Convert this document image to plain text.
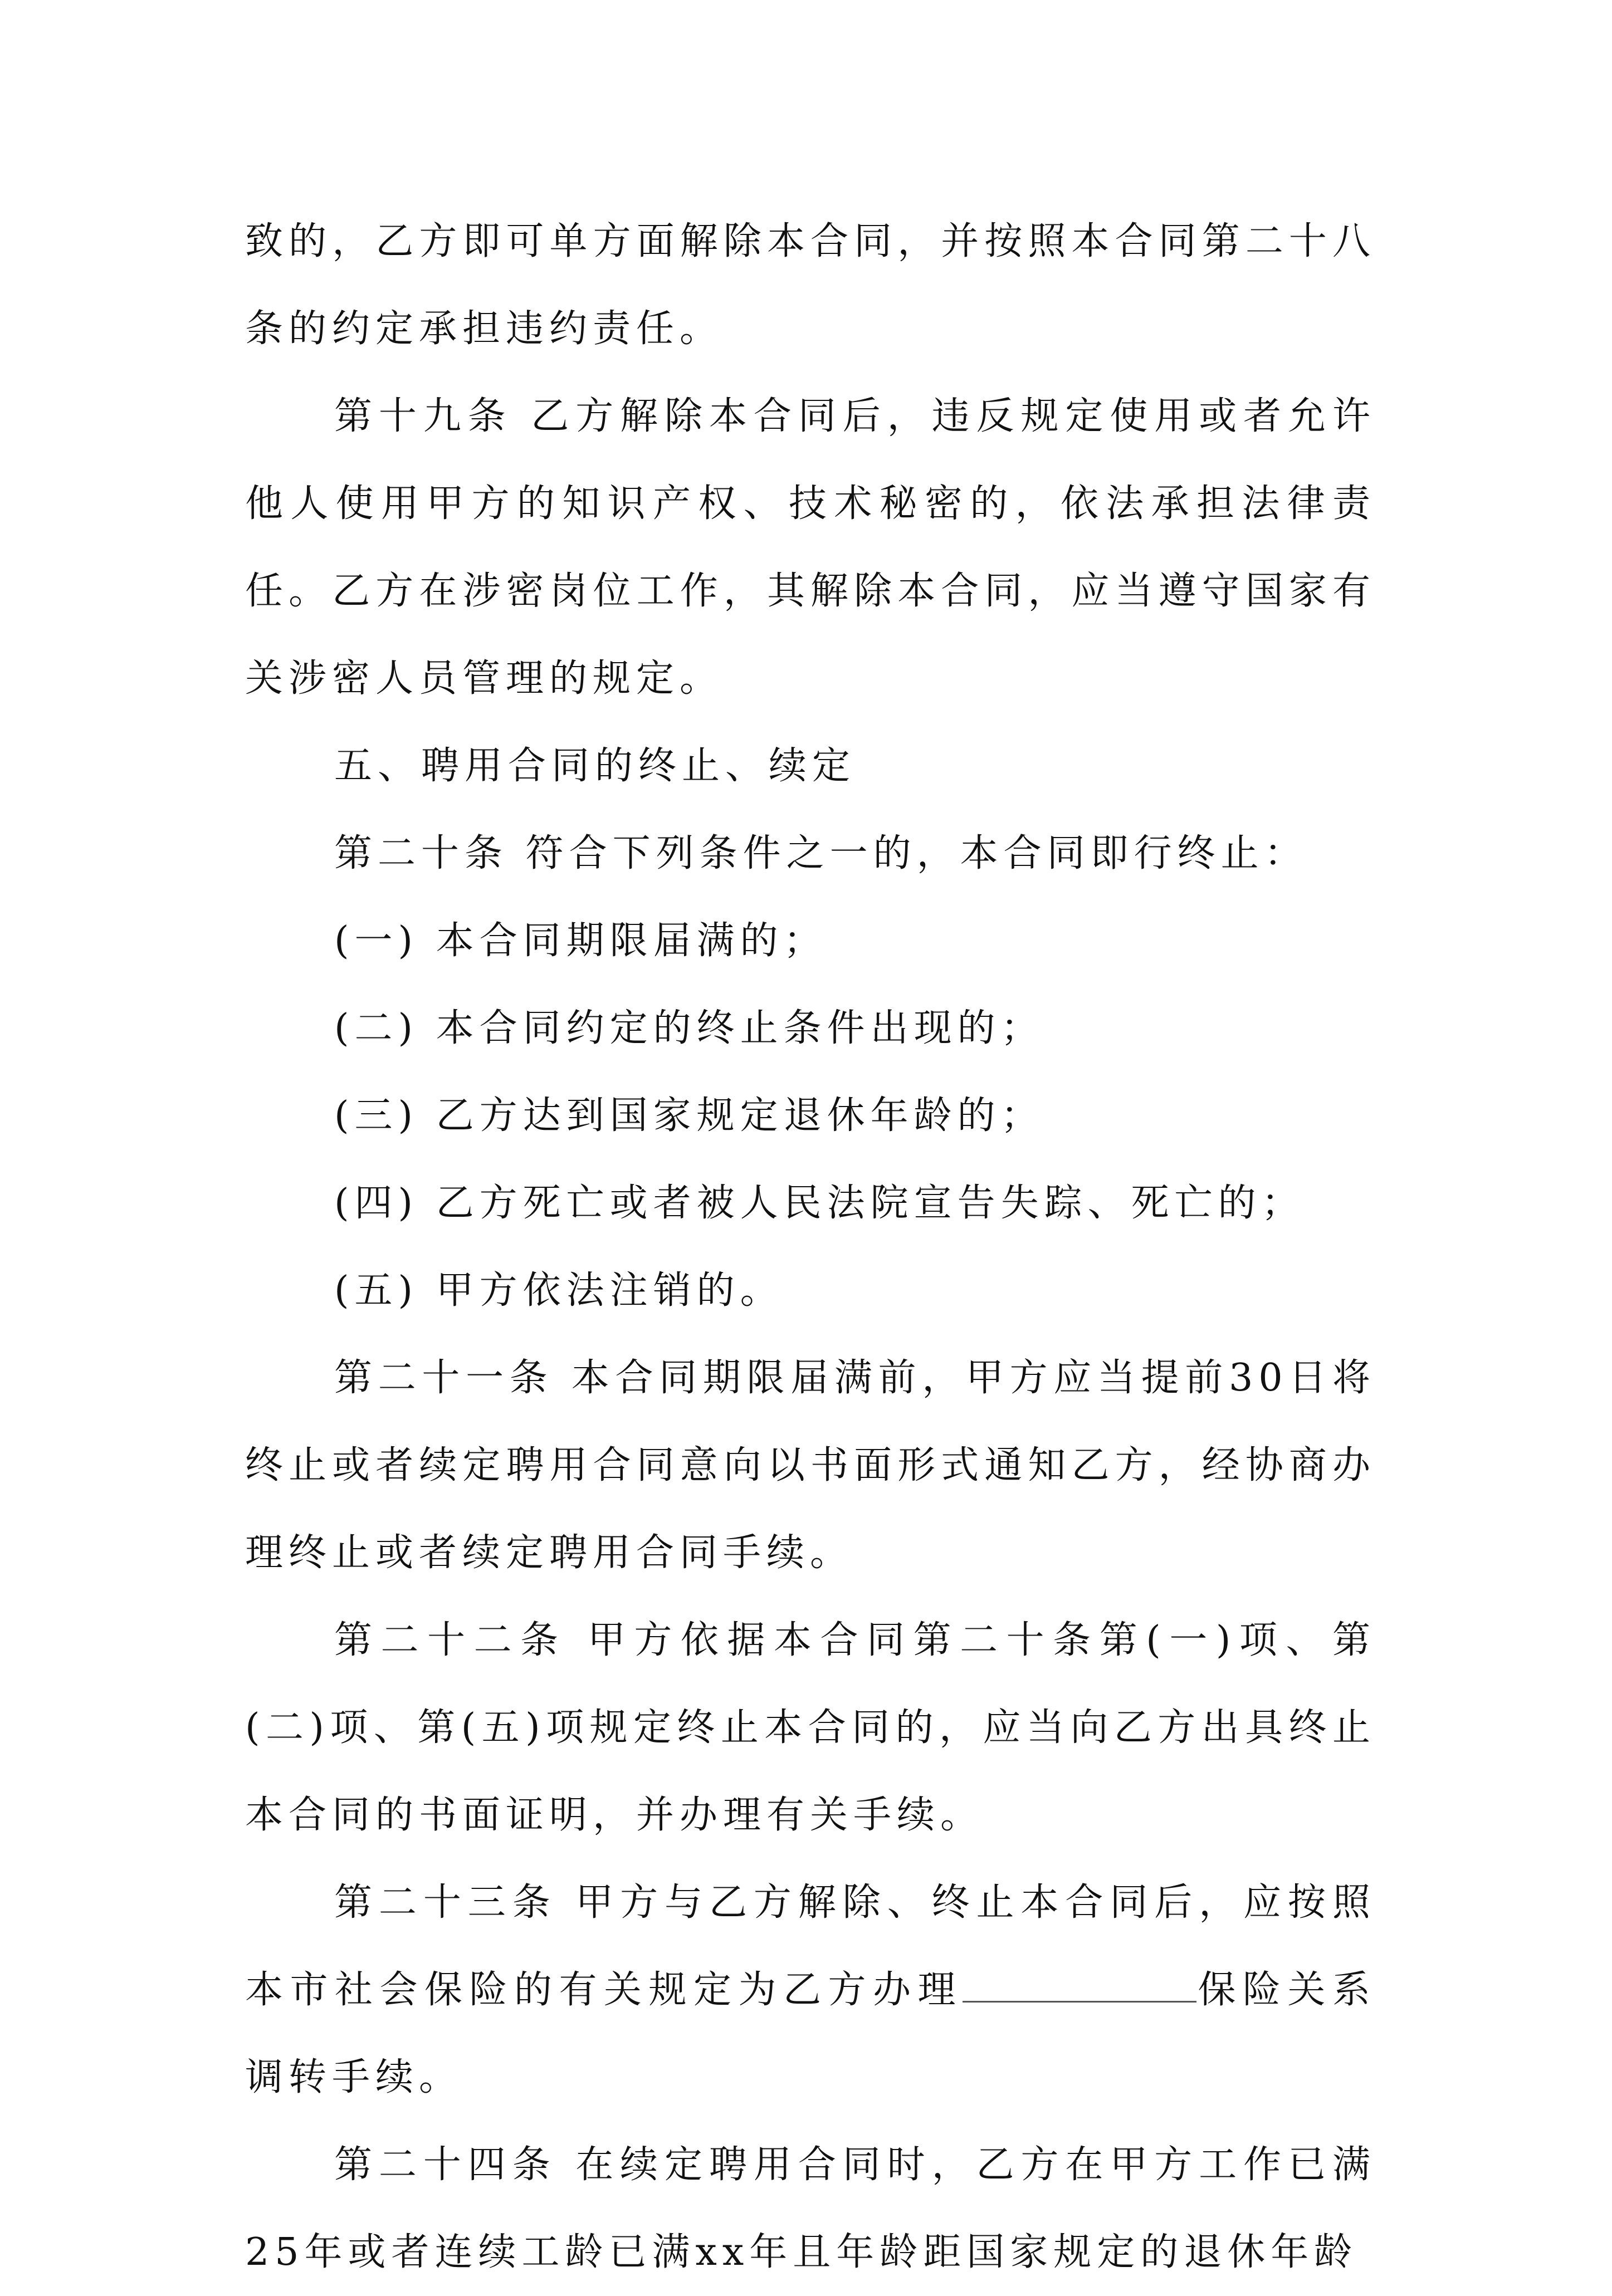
致的，乙方即可单方面解除本合同，并按照本合同第二十八条的约定承担违约责任。

第十九条 乙方解除本合同后，违反规定使用或者允许他人使用甲方的知识产权、技术秘密的，依法承担法律责任。乙方在涉密岗位工作，其解除本合同，应当遵守国家有关涉密人员管理的规定。

五、聘用合同的终止、续定

第二十条 符合下列条件之一的，本合同即行终止：

(一) 本合同期限届满的；

(二) 本合同约定的终止条件出现的；

(三) 乙方达到国家规定退休年龄的；

(四) 乙方死亡或者被人民法院宣告失踪、死亡的；

(五) 甲方依法注销的。

第二十一条 本合同期限届满前，甲方应当提前30日将终止或者续定聘用合同意向以书面形式通知乙方，经协商办理终止或者续定聘用合同手续。

第二十二条 甲方依据本合同第二十条第(一)项、第(二)项、第(五)项规定终止本合同的，应当向乙方出具终止本合同的书面证明，并办理有关手续。

第二十三条 甲方与乙方解除、终止本合同后，应按照本市社会保险的有关规定为乙方办理	保险关系调转手续。

第二十四条 在续定聘用合同时，乙方在甲方工作已满25年或者连续工龄已满xx年且年龄距国家规定的退休年龄
